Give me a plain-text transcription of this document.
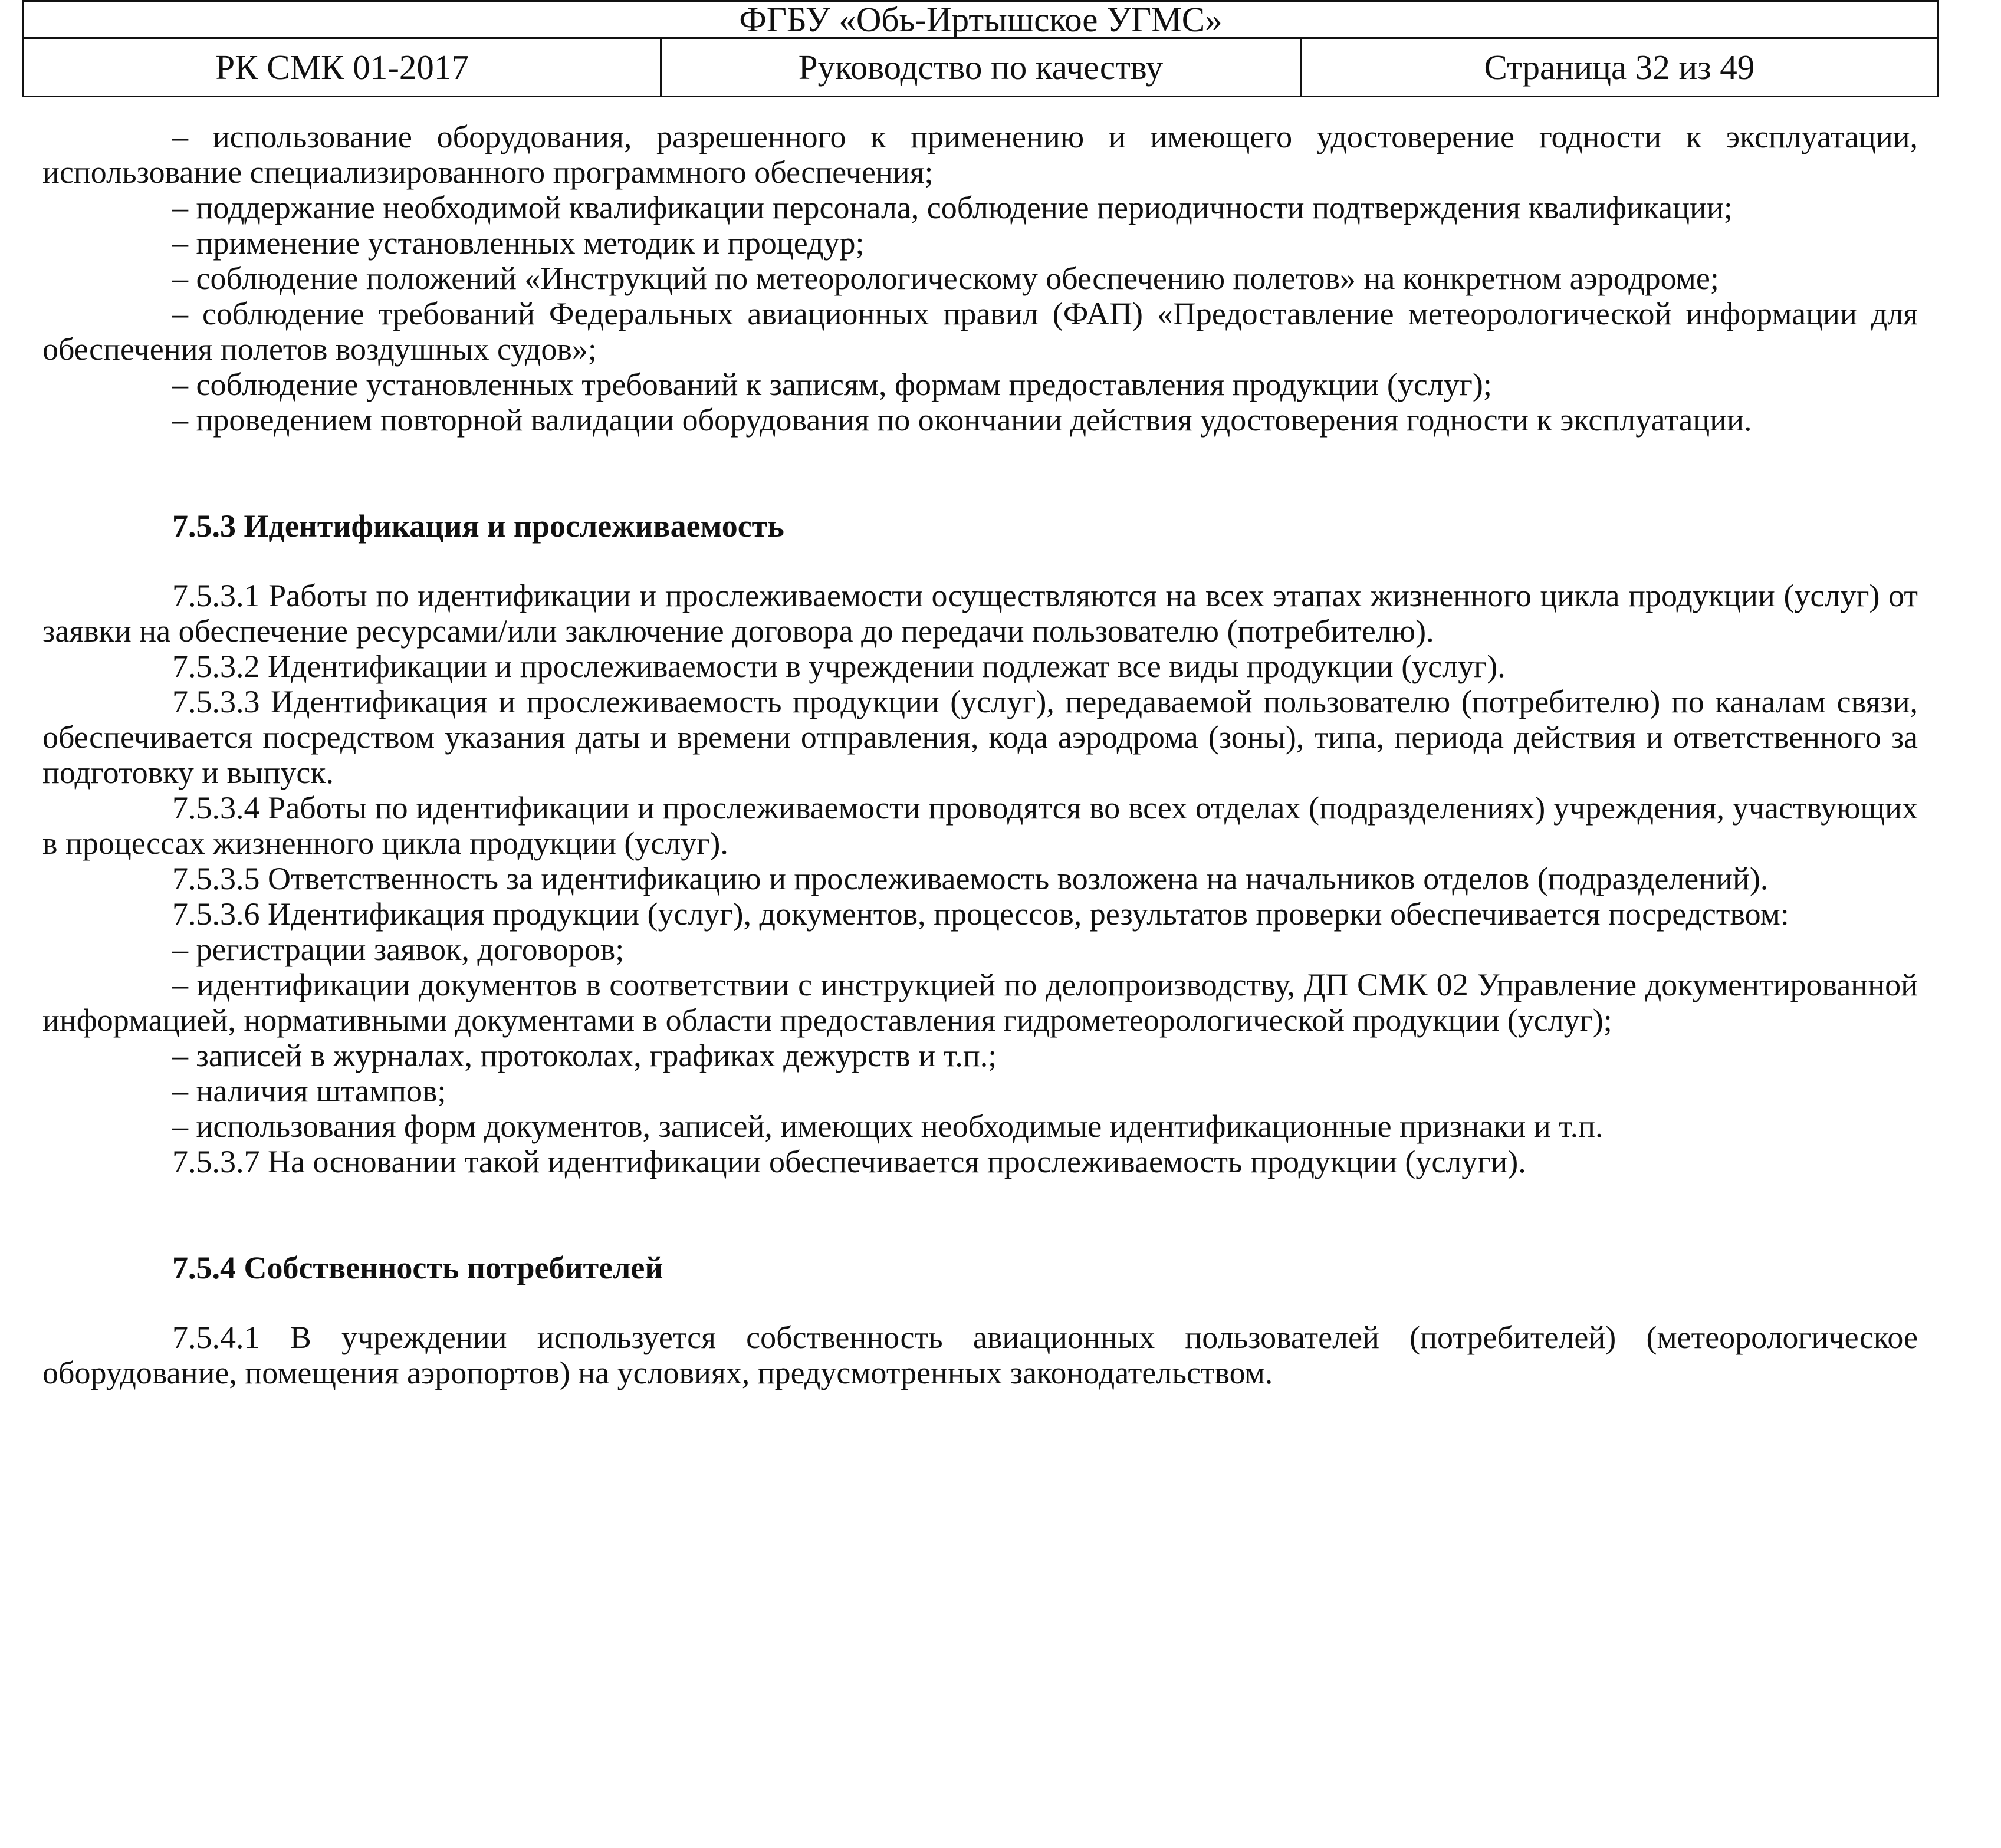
ФГБУ «Обь-Иртышское УГМС»
РК СМК 01-2017	Руководство по качеству	Страница 32 из 49

– использование оборудования, разрешенного к применению и имеющего удостоверение годности к эксплуатации, использование специализированного программного обеспечения;

– поддержание необходимой квалификации персонала, соблюдение периодичности подтверждения квалификации;

– применение установленных методик и процедур;

– соблюдение положений «Инструкций по метеорологическому обеспечению полетов» на конкретном аэродроме;

– соблюдение требований Федеральных авиационных правил (ФАП) «Предоставление метеорологической информации для обеспечения полетов воздушных судов»;

– соблюдение установленных требований к записям, формам предоставления продукции (услуг);

– проведением повторной валидации оборудования по окончании действия удостоверения годности к эксплуатации.

7.5.3 Идентификация и прослеживаемость

7.5.3.1 Работы по идентификации и прослеживаемости осуществляются на всех этапах жизненного цикла продукции (услуг) от заявки на обеспечение ресурсами/или заключение договора до передачи пользователю (потребителю).

7.5.3.2 Идентификации и прослеживаемости в учреждении подлежат все виды продукции (услуг).

7.5.3.3 Идентификация и прослеживаемость продукции (услуг), передаваемой пользователю (потребителю) по каналам связи, обеспечивается посредством указания даты и времени отправления, кода аэродрома (зоны), типа, периода действия и ответственного за подготовку и выпуск.

7.5.3.4 Работы по идентификации и прослеживаемости проводятся во всех отделах (подразделениях) учреждения, участвующих в процессах жизненного цикла продукции (услуг).

7.5.3.5 Ответственность за идентификацию и прослеживаемость возложена на начальников отделов (подразделений).

7.5.3.6 Идентификация продукции (услуг), документов, процессов, результатов проверки обеспечивается посредством:

– регистрации заявок, договоров;

– идентификации документов в соответствии с инструкцией по делопроизводству, ДП СМК 02 Управление документированной информацией, нормативными документами в области предоставления гидрометеорологической продукции (услуг);

– записей в журналах, протоколах, графиках дежурств и т.п.;

– наличия штампов;

– использования форм документов, записей, имеющих необходимые идентификационные признаки и т.п.

7.5.3.7 На основании такой идентификации обеспечивается прослеживаемость продукции (услуги).

7.5.4 Собственность потребителей

7.5.4.1 В учреждении используется собственность авиационных пользователей (потребителей) (метеорологическое оборудование, помещения аэропортов) на условиях, предусмотренных законодательством.
